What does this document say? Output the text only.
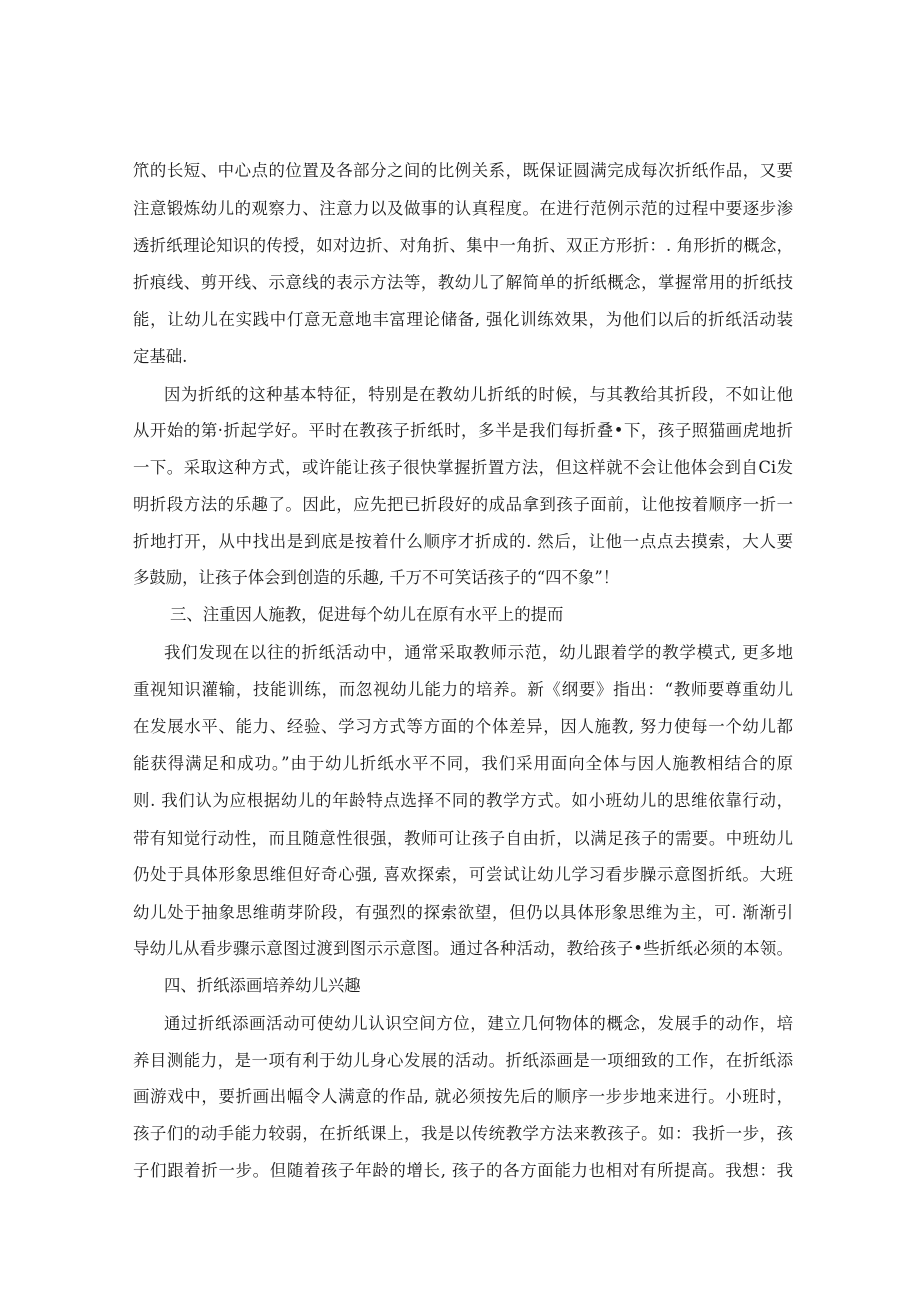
笊的长短、中心点的位置及各部分之间的比例关系，既保证圆满完成每次折纸作品，又要
注意锻炼幼儿的观察力、注意力以及做事的认真程度。在进行范例示范的过程中要逐步渗
透折纸理论知识的传授，如对边折、对角折、集中一角折、双正方形折：. 角形折的概念，
折痕线、剪开线、示意线的表示方法等，教幼儿了解简单的折纸概念，掌握常用的折纸技
能，让幼儿在实践中仃意无意地丰富理论储备, 强化训练效果，为他们以后的折纸活动装
定基础.
因为折纸的这种基本特征，特别是在教幼儿折纸的时候，与其教给其折段，不如让他
从开始的第·折起学好。平时在教孩子折纸时，多半是我们每折叠•下，孩子照猫画虎地折
一下。采取这种方式，或许能让孩子很快掌握折置方法，但这样就不会让他体会到自Ci发
明折段方法的乐趣了。因此，应先把已折段好的成品拿到孩子面前，让他按着顺序一折一
折地打开，从中找出是到底是按着什么顺序才折成的. 然后，让他一点点去摸索，大人要
多鼓励，让孩子体会到创造的乐趣, 千万不可笑话孩子的“四不象”！
三、注重因人施教，促进每个幼儿在原有水平上的提而
我们发现在以往的折纸活动中，通常采取教师示范，幼儿跟着学的教学模式, 更多地
重视知识灌输，技能训练，而忽视幼儿能力的培养。新《纲要》指出：“教师要尊重幼儿
在发展水平、能力、经验、学习方式等方面的个体差异，因人施教, 努力使每一个幼儿都
能获得满足和成功。”由于幼儿折纸水平不同，我们采用面向全体与因人施教相结合的原
则. 我们认为应根据幼儿的年龄特点选择不同的教学方式。如小班幼儿的思维依靠行动，
带有知觉行动性，而且随意性很强，教师可让孩子自由折，以满足孩子的需要。中班幼儿
仍处于具体形象思维但好奇心强, 喜欢探索，可尝试让幼儿学习看步臊示意图折纸。大班
幼儿处于抽象思维萌芽阶段，有强烈的探索欲望，但仍以具体形象思维为主，可. 渐渐引
导幼儿从看步骤示意图过渡到图示示意图。通过各种活动，教给孩子•些折纸必须的本领。
四、折纸添画培养幼儿兴趣
通过折纸添画活动可使幼儿认识空间方位，建立几何物体的概念，发展手的动作，培
养目测能力，是一项有利于幼儿身心发展的活动。折纸添画是一项细致的工作，在折纸添
画游戏中，要折画出幅令人满意的作品, 就必须按先后的顺序一步步地来进行。小班时，
孩子们的动手能力较弱，在折纸课上，我是以传统教学方法来教孩子。如：我折一步，孩
子们跟着折一步。但随着孩子年龄的增长, 孩子的各方面能力也相对有所提高。我想：我
